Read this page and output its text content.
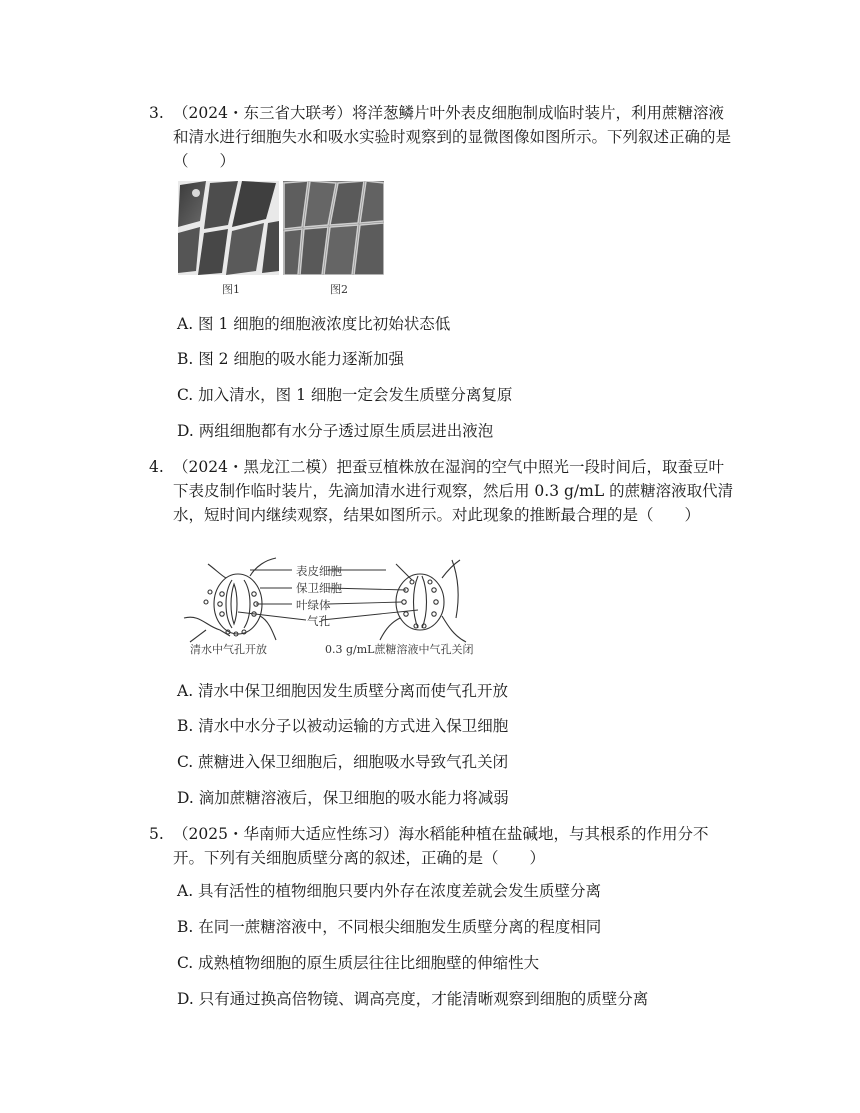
3. （2024・东三省大联考）将洋葱鳞片叶外表皮细胞制成临时装片，利用蔗糖溶液和清水进行细胞失水和吸水实验时观察到的显微图像如图所示。下列叙述正确的是（　　）
图1	图2
A. 图 1 细胞的细胞液浓度比初始状态低
B. 图 2 细胞的吸水能力逐渐加强
C. 加入清水，图 1 细胞一定会发生质壁分离复原
D. 两组细胞都有水分子透过原生质层进出液泡
4. （2024・黑龙江二模）把蚕豆植株放在湿润的空气中照光一段时间后，取蚕豆叶下表皮制作临时装片，先滴加清水进行观察，然后用 0.3 g/mL 的蔗糖溶液取代清水，短时间内继续观察，结果如图所示。对此现象的推断最合理的是（　　）
表皮细胞
保卫细胞
叶绿体
气孔
清水中气孔开放	0.3 g/mL蔗糖溶液中气孔关闭
A. 清水中保卫细胞因发生质壁分离而使气孔开放
B. 清水中水分子以被动运输的方式进入保卫细胞
C. 蔗糖进入保卫细胞后，细胞吸水导致气孔关闭
D. 滴加蔗糖溶液后，保卫细胞的吸水能力将减弱
5. （2025・华南师大适应性练习）海水稻能种植在盐碱地，与其根系的作用分不开。下列有关细胞质壁分离的叙述，正确的是（　　）
A. 具有活性的植物细胞只要内外存在浓度差就会发生质壁分离
B. 在同一蔗糖溶液中，不同根尖细胞发生质壁分离的程度相同
C. 成熟植物细胞的原生质层往往比细胞壁的伸缩性大
D. 只有通过换高倍物镜、调高亮度，才能清晰观察到细胞的质壁分离
